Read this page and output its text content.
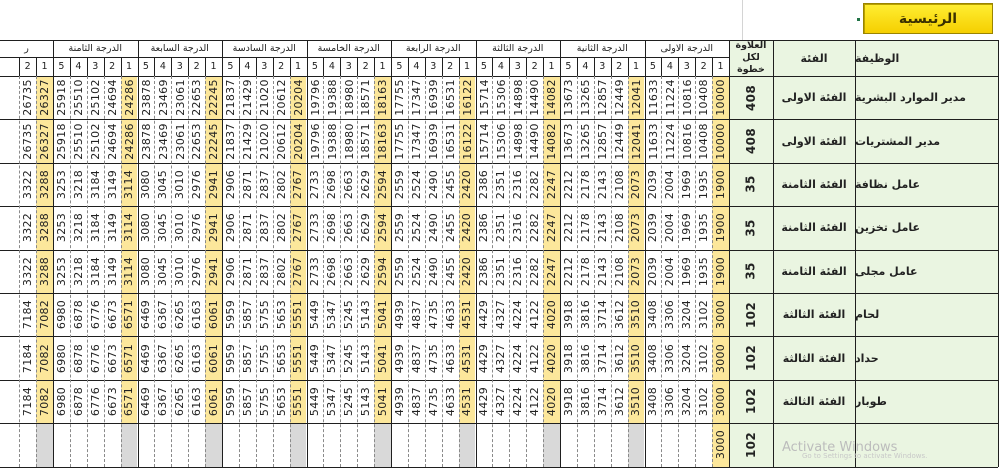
الرئيسية
الوظيفة
الفئة
العلاوة لكل خطوة
الدرجة الاولى
1
2
3
4
5
الدرجة الثانية
1
2
3
4
5
الدرجة الثالثة
1
2
3
4
5
الدرجة الرابعة
1
2
3
4
5
الدرجة الخامسة
1
2
3
4
5
الدرجة السادسة
1
2
3
4
5
الدرجة السابعة
1
2
3
4
5
الدرجة الثامنة
1
2
3
4
5
ر
1
2
مدير الموارد البشرية
الفئة الاولى
408
10000
10408
10816
11224
11633
12041
12449
12857
13265
13673
14082
14490
14898
15306
15714
16122
16531
16939
17347
17755
18163
18571
18980
19388
19796
20204
20612
21020
21429
21837
22245
22653
23061
23469
23878
24286
24694
25102
25510
25918
26327
26735
مدير المشتريات
الفئة الاولى
408
10000
10408
10816
11224
11633
12041
12449
12857
13265
13673
14082
14490
14898
15306
15714
16122
16531
16939
17347
17755
18163
18571
18980
19388
19796
20204
20612
21020
21429
21837
22245
22653
23061
23469
23878
24286
24694
25102
25510
25918
26327
26735
عامل نظافة
الفئة الثامنة
35
1900
1935
1969
2004
2039
2073
2108
2143
2178
2212
2247
2282
2316
2351
2386
2420
2455
2490
2524
2559
2594
2629
2663
2698
2733
2767
2802
2837
2871
2906
2941
2976
3010
3045
3080
3114
3149
3184
3218
3253
3288
3322
عامل تخزين
الفئة الثامنة
35
1900
1935
1969
2004
2039
2073
2108
2143
2178
2212
2247
2282
2316
2351
2386
2420
2455
2490
2524
2559
2594
2629
2663
2698
2733
2767
2802
2837
2871
2906
2941
2976
3010
3045
3080
3114
3149
3184
3218
3253
3288
3322
عامل مجلى
الفئة الثامنة
35
1900
1935
1969
2004
2039
2073
2108
2143
2178
2212
2247
2282
2316
2351
2386
2420
2455
2490
2524
2559
2594
2629
2663
2698
2733
2767
2802
2837
2871
2906
2941
2976
3010
3045
3080
3114
3149
3184
3218
3253
3288
3322
لحام
الفئة الثالثة
102
3000
3102
3204
3306
3408
3510
3612
3714
3816
3918
4020
4122
4224
4327
4429
4531
4633
4735
4837
4939
5041
5143
5245
5347
5449
5551
5653
5755
5857
5959
6061
6163
6265
6367
6469
6571
6673
6776
6878
6980
7082
7184
حداد
الفئة الثالثة
102
3000
3102
3204
3306
3408
3510
3612
3714
3816
3918
4020
4122
4224
4327
4429
4531
4633
4735
4837
4939
5041
5143
5245
5347
5449
5551
5653
5755
5857
5959
6061
6163
6265
6367
6469
6571
6673
6776
6878
6980
7082
7184
طوبار
الفئة الثالثة
102
3000
3102
3204
3306
3408
3510
3612
3714
3816
3918
4020
4122
4224
4327
4429
4531
4633
4735
4837
4939
5041
5143
5245
5347
5449
5551
5653
5755
5857
5959
6061
6163
6265
6367
6469
6571
6673
6776
6878
6980
7082
7184
102
3000	Activate Windows
Go to Settings to activate Windows.
